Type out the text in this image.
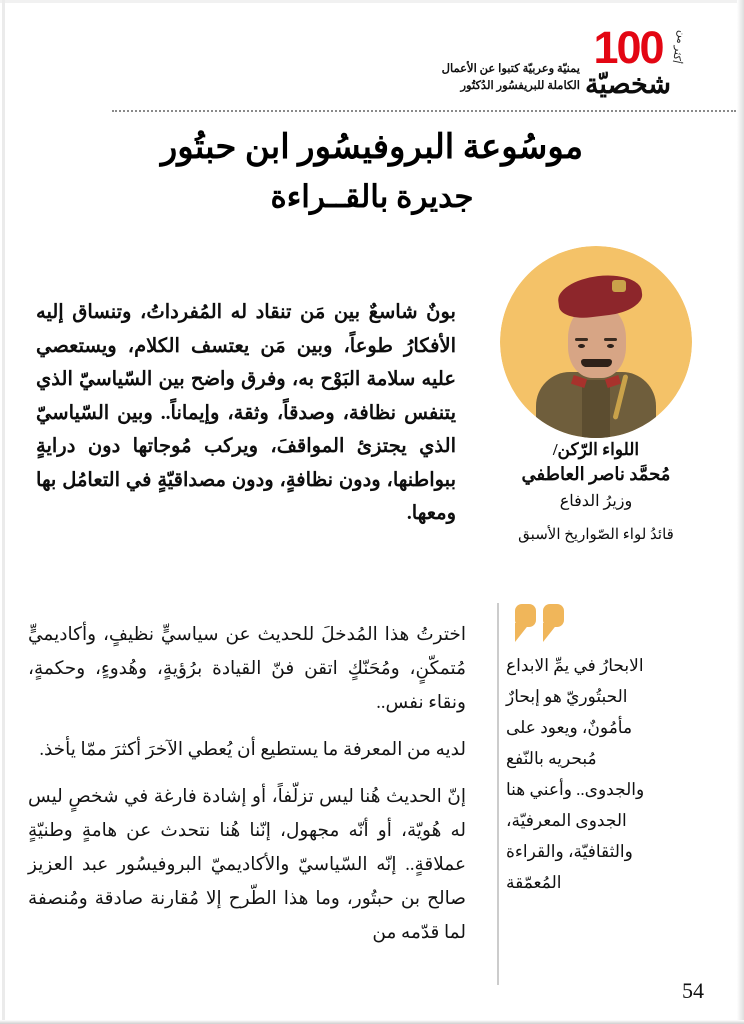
يمنيّة وعربيّة كتبوا عن الأعمال
الكاملة للبريفسُور الدُكتُور
100
شخصيّة
أكثر من
موسُوعة البروفيسُور ابن حبتُور
جديرة بالقــراءة
بونٌ شاسعٌ بين مَن تنقاد له المُفرداتُ، وتنساق إليه الأفكارُ طوعاً، وبين مَن يعتسف الكلام، ويستعصي عليه سلامة البَوْح به، وفرق واضح بين السّياسيّ الذي يتنفس نظافة، وصدقاً، وثقة، وإيماناً.. وبين السّياسيّ الذي يجتزئ المواقفَ، ويركب مُوجاتها دون درايةٍ ببواطنها، ودون نظافةٍ، ودون مصداقيّةٍ في التعامُل بها ومعها.
اللواء الرّكن/
مُحمَّد ناصر العاطفي
وزيرُ الدفاع
قائدُ لواء الصّواريخ الأسبق

اخترتُ هذا المُدخلَ للحديث عن سياسيٍّ نظيفٍ، وأكاديميٍّ مُتمكّنٍ، ومُحَنّكٍ اتقن فنّ القيادة برُؤيةٍ، وهُدوءٍ، وحكمةٍ، ونقاء نفس..

لديه من المعرفة ما يستطيع أن يُعطي الآخرَ أكثرَ ممّا يأخذ.

إنّ الحديث هُنا ليس تزلّفاً، أو إشادة فارغة في شخصٍ ليس له هُويّة، أو أنّه مجهول، إنّنا هُنا نتحدث عن هامةٍ وطنيّةٍ عملاقةٍ.. إنّه السّياسيّ والأكاديميّ البروفيسُور عبد العزيز صالح بن حبتُور، وما هذا الطّرح إلا مُقارنة صادقة ومُنصفة لما قدّمه من

الابحارُ في يمِّ الابداع الحبتُوريّ هو إبحارٌ مأمُونٌ، ويعود على مُبحريه بالنّفع والجدوى.. وأعني هنا الجدوى المعرفيّة، والثقافيّة، والقراءة المُعمّقة
54
